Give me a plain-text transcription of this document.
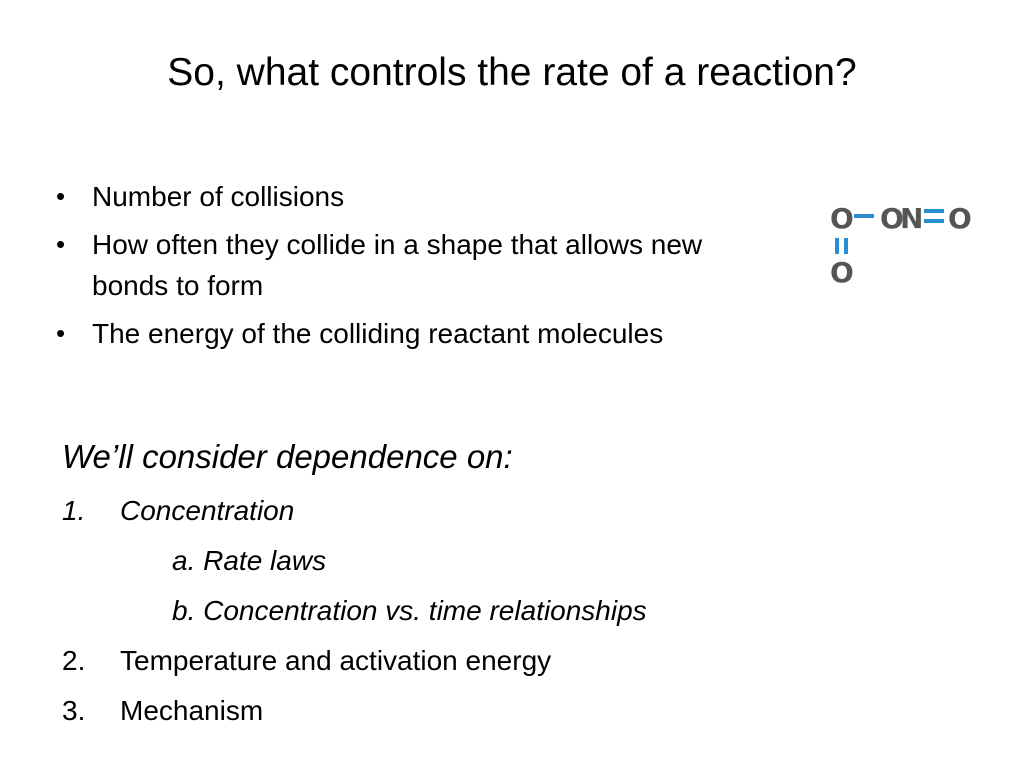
So, what controls the rate of a reaction?
• Number of collisions
• How often they collide in a shape that allows new bonds to form
• The energy of the colliding reactant molecules
O O
N O
O
We’ll consider dependence on:
1. Concentration
a. Rate laws
b. Concentration vs. time relationships
2. Temperature and activation energy
3. Mechanism
